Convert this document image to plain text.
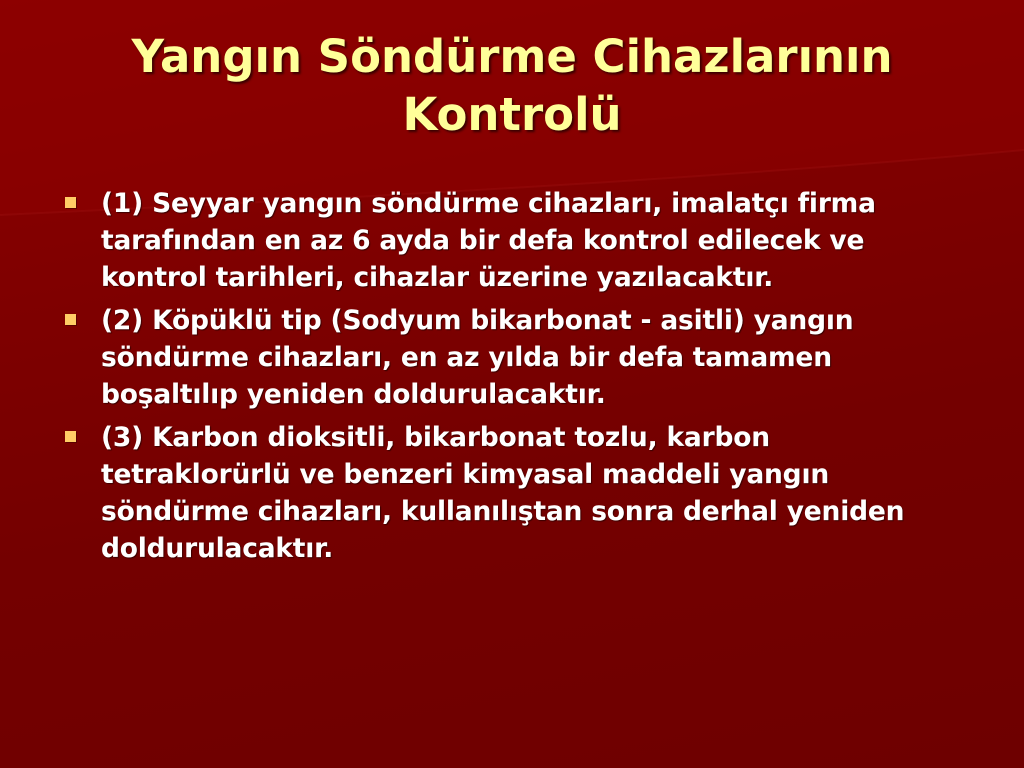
Yangın Söndürme Cihazlarının Kontrolü
(1) Seyyar yangın söndürme cihazları, imalatçı firma tarafından en az 6 ayda bir defa kontrol edilecek ve kontrol tarihleri, cihazlar üzerine yazılacaktır.
(2) Köpüklü tip (Sodyum bikarbonat - asitli) yangın söndürme cihazları, en az yılda bir defa tamamen boşaltılıp yeniden doldurulacaktır.
(3) Karbon dioksitli, bikarbonat tozlu, karbon tetraklorürlü ve benzeri kimyasal maddeli yangın söndürme cihazları, kullanılıştan sonra derhal yeniden doldurulacaktır.
